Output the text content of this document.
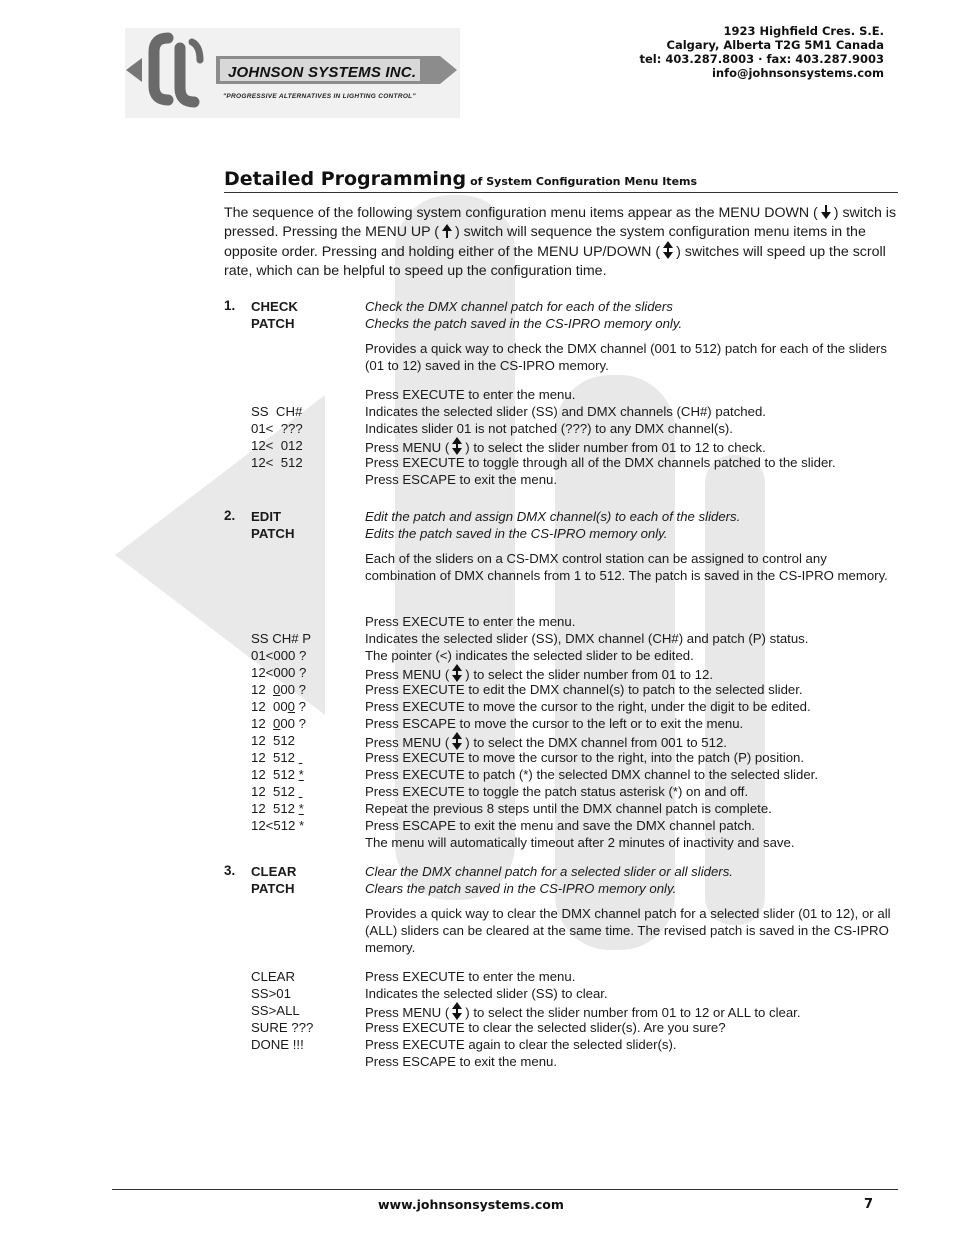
JOHNSON SYSTEMS INC.
"PROGRESSIVE ALTERNATIVES IN LIGHTING CONTROL"
1923 Highfield Cres. S.E.
Calgary, Alberta T2G 5M1 Canada
tel: 403.287.8003 · fax: 403.287.9003
info@johnsonsystems.com
Detailed Programming of System Configuration Menu Items
The sequence of the following system configuration menu items appear as the MENU DOWN ( ) switch is pressed. Pressing the MENU UP ( ) switch will sequence the system configuration menu items in the opposite order. Pressing and holding either of the MENU UP/DOWN ( ) switches will speed up the scroll rate, which can be helpful to speed up the configuration time.
1. CHECK
PATCH
Check the DMX channel patch for each of the sliders
Checks the patch saved in the CS-IPRO memory only.
Provides a quick way to check the DMX channel (001 to 512) patch for each of the sliders (01 to 12) saved in the CS-IPRO memory.
Press EXECUTE to enter the menu.
SS  CH#	Indicates the selected slider (SS) and DMX channels (CH#) patched.
01<  ???	Indicates slider 01 is not patched (???) to any DMX channel(s).
12<  012	Press MENU ( ) to select the slider number from 01 to 12 to check.
12<  512	Press EXECUTE to toggle through all of the DMX channels patched to the slider.
Press ESCAPE to exit the menu.
2. EDIT
PATCH
Edit the patch and assign DMX channel(s) to each of the sliders.
Edits the patch saved in the CS-IPRO memory only.
Each of the sliders on a CS-DMX control station can be assigned to control any combination of DMX channels from 1 to 512. The patch is saved in the CS-IPRO memory.
Press EXECUTE to enter the menu.
SS CH# P	Indicates the selected slider (SS), DMX channel (CH#) and patch (P) status.
01<000 ?	The pointer (<) indicates the selected slider to be edited.
12<000 ?	Press MENU ( ) to select the slider number from 01 to 12.
12  000 ?	Press EXECUTE to edit the DMX channel(s) to patch to the selected slider.
12  000 ?	Press EXECUTE to move the cursor to the right, under the digit to be edited.
12  000 ?	Press ESCAPE to move the cursor to the left or to exit the menu.
12  512	Press MENU ( ) to select the DMX channel from 001 to 512.
12  512	Press EXECUTE to move the cursor to the right, into the patch (P) position.
12  512 *	Press EXECUTE to patch (*) the selected DMX channel to the selected slider.
12  512	Press EXECUTE to toggle the patch status asterisk (*) on and off.
12  512 *	Repeat the previous 8 steps until the DMX channel patch is complete.
12<512 *	Press ESCAPE to exit the menu and save the DMX channel patch.
The menu will automatically timeout after 2 minutes of inactivity and save.
3. CLEAR
PATCH
Clear the DMX channel patch for a selected slider or all sliders.
Clears the patch saved in the CS-IPRO memory only.
Provides a quick way to clear the DMX channel patch for a selected slider (01 to 12), or all (ALL) sliders can be cleared at the same time. The revised patch is saved in the CS-IPRO memory.
CLEAR	Press EXECUTE to enter the menu.
SS>01	Indicates the selected slider (SS) to clear.
SS>ALL	Press MENU ( ) to select the slider number from 01 to 12 or ALL to clear.
SURE ???	Press EXECUTE to clear the selected slider(s). Are you sure?
DONE !!!	Press EXECUTE again to clear the selected slider(s).
Press ESCAPE to exit the menu.
www.johnsonsystems.com	7
